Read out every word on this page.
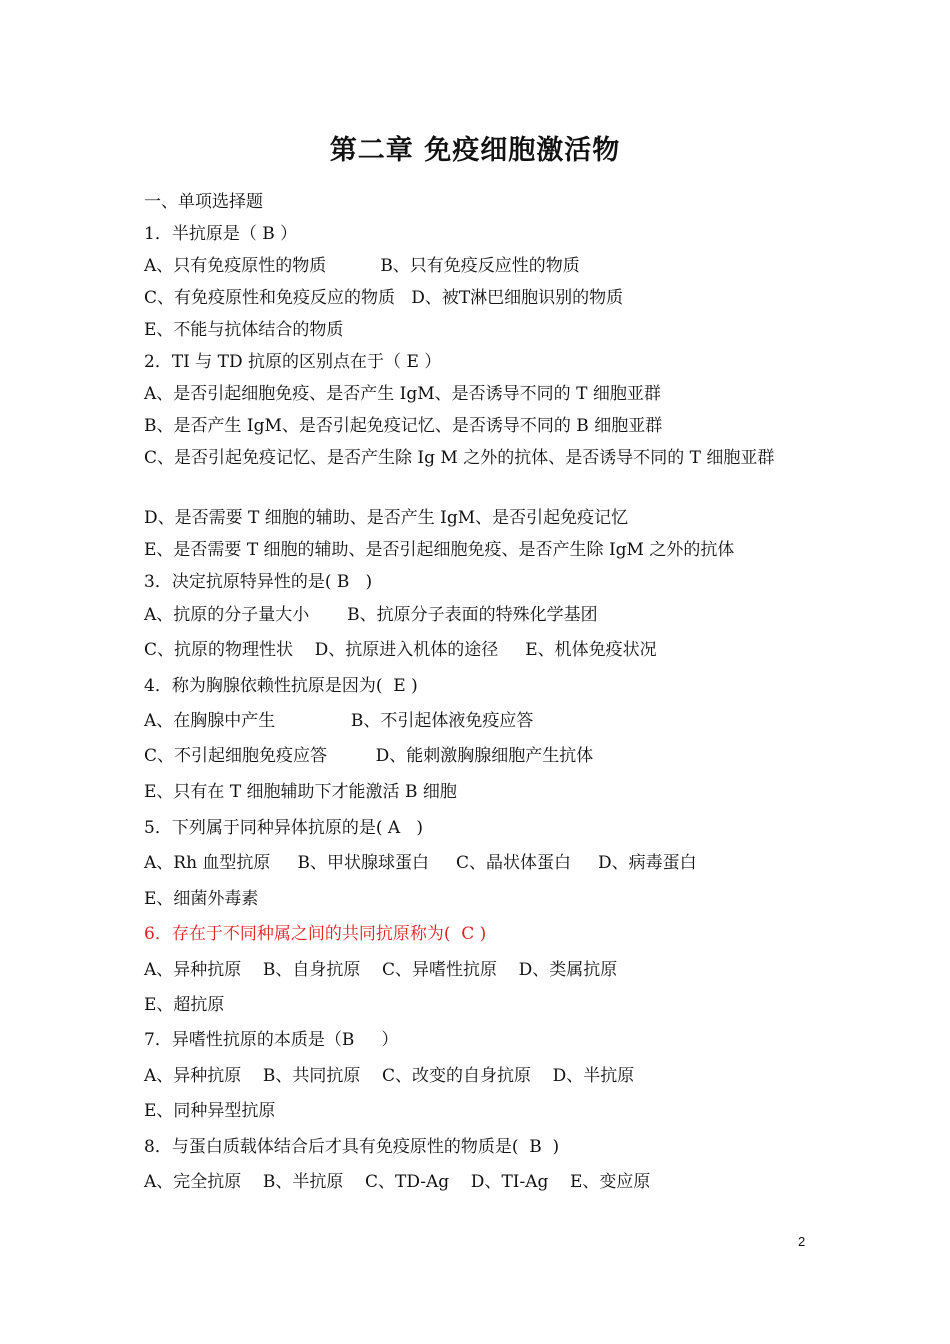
第二章 免疫细胞激活物
一、单项选择题
1．半抗原是（ B ）
A、只有免疫原性的物质          B、只有免疫反应性的物质
C、有免疫原性和免疫反应的物质   D、被T淋巴细胞识别的物质
E、不能与抗体结合的物质
2．TI 与 TD 抗原的区别点在于（ E ）
A、是否引起细胞免疫、是否产生 IgM、是否诱导不同的 T 细胞亚群
B、是否产生 IgM、是否引起免疫记忆、是否诱导不同的 B 细胞亚群
C、是否引起免疫记忆、是否产生除 Ig M 之外的抗体、是否诱导不同的 T 细胞亚群
D、是否需要 T 细胞的辅助、是否产生 IgM、是否引起免疫记忆
E、是否需要 T 细胞的辅助、是否引起细胞免疫、是否产生除 IgM 之外的抗体
3．决定抗原特异性的是( B   )
A、抗原的分子量大小       B、抗原分子表面的特殊化学基团
C、抗原的物理性状    D、抗原进入机体的途径     E、机体免疫状况
4．称为胸腺依赖性抗原是因为(  E )
A、在胸腺中产生              B、不引起体液免疫应答
C、不引起细胞免疫应答         D、能刺激胸腺细胞产生抗体
E、只有在 T 细胞辅助下才能激活 B 细胞
5．下列属于同种异体抗原的是( A   )
A、Rh 血型抗原     B、甲状腺球蛋白     C、晶状体蛋白     D、病毒蛋白
E、细菌外毒素
6．存在于不同种属之间的共同抗原称为(  C )
A、异种抗原    B、自身抗原    C、异嗜性抗原    D、类属抗原
E、超抗原
7．异嗜性抗原的本质是（B     ）
A、异种抗原    B、共同抗原    C、改变的自身抗原    D、半抗原
E、同种异型抗原
8．与蛋白质载体结合后才具有免疫原性的物质是(  B  )
A、完全抗原    B、半抗原    C、TD-Ag    D、TI-Ag    E、变应原
2
